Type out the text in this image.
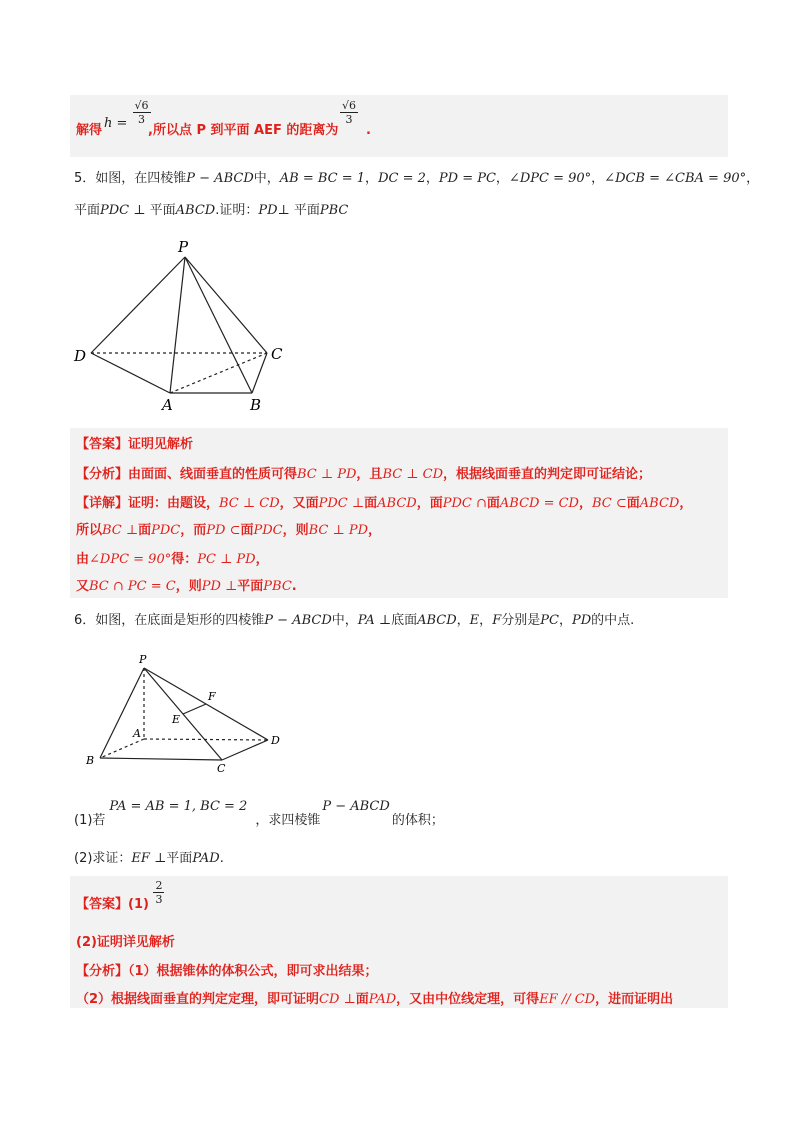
解得 $_{h =} \frac{√6}{3}$
,所以点 P 到平面 AEF 的距离为
$\frac{√6}{3}$
.
5．如图，在四棱锥P − ABCD中，AB = BC = 1，DC = 2，PD = PC，∠DPC = 90°，∠DCB = ∠CBA = 90°，
平面PDC ⊥ 平面ABCD.证明：PD⊥ 平面PBC
P
D	C
A	B
【答案】证明见解析
【分析】由面面、线面垂直的性质可得BC ⊥ PD，且BC ⊥ CD，根据线面垂直的判定即可证结论；
【详解】证明：由题设，BC ⊥ CD，又面PDC ⊥面ABCD，面PDC ∩面ABCD = CD，BC ⊂面ABCD，
所以BC ⊥面PDC，而PD ⊂面PDC，则BC ⊥ PD，
由∠DPC = 90°得：PC ⊥ PD，
又BC ∩ PC = C，则PD ⊥平面PBC.
6．如图，在底面是矩形的四棱锥P − ABCD中，PA ⊥底面ABCD，E，F分别是PC，PD的中点.
P
F
E
A
D
B
C
(1)若PA = AB = 1, BC = 2，求四棱锥P − ABCD的体积；
(2)求证：EF ⊥平面PAD.
【答案】$(1) \frac{2}{3}$
(2)证明详见解析
【分析】（1）根据锥体的体积公式，即可求出结果；
（2）根据线面垂直的判定定理，即可证明CD ⊥面PAD，又由中位线定理，可得EF // CD，进而证明出
